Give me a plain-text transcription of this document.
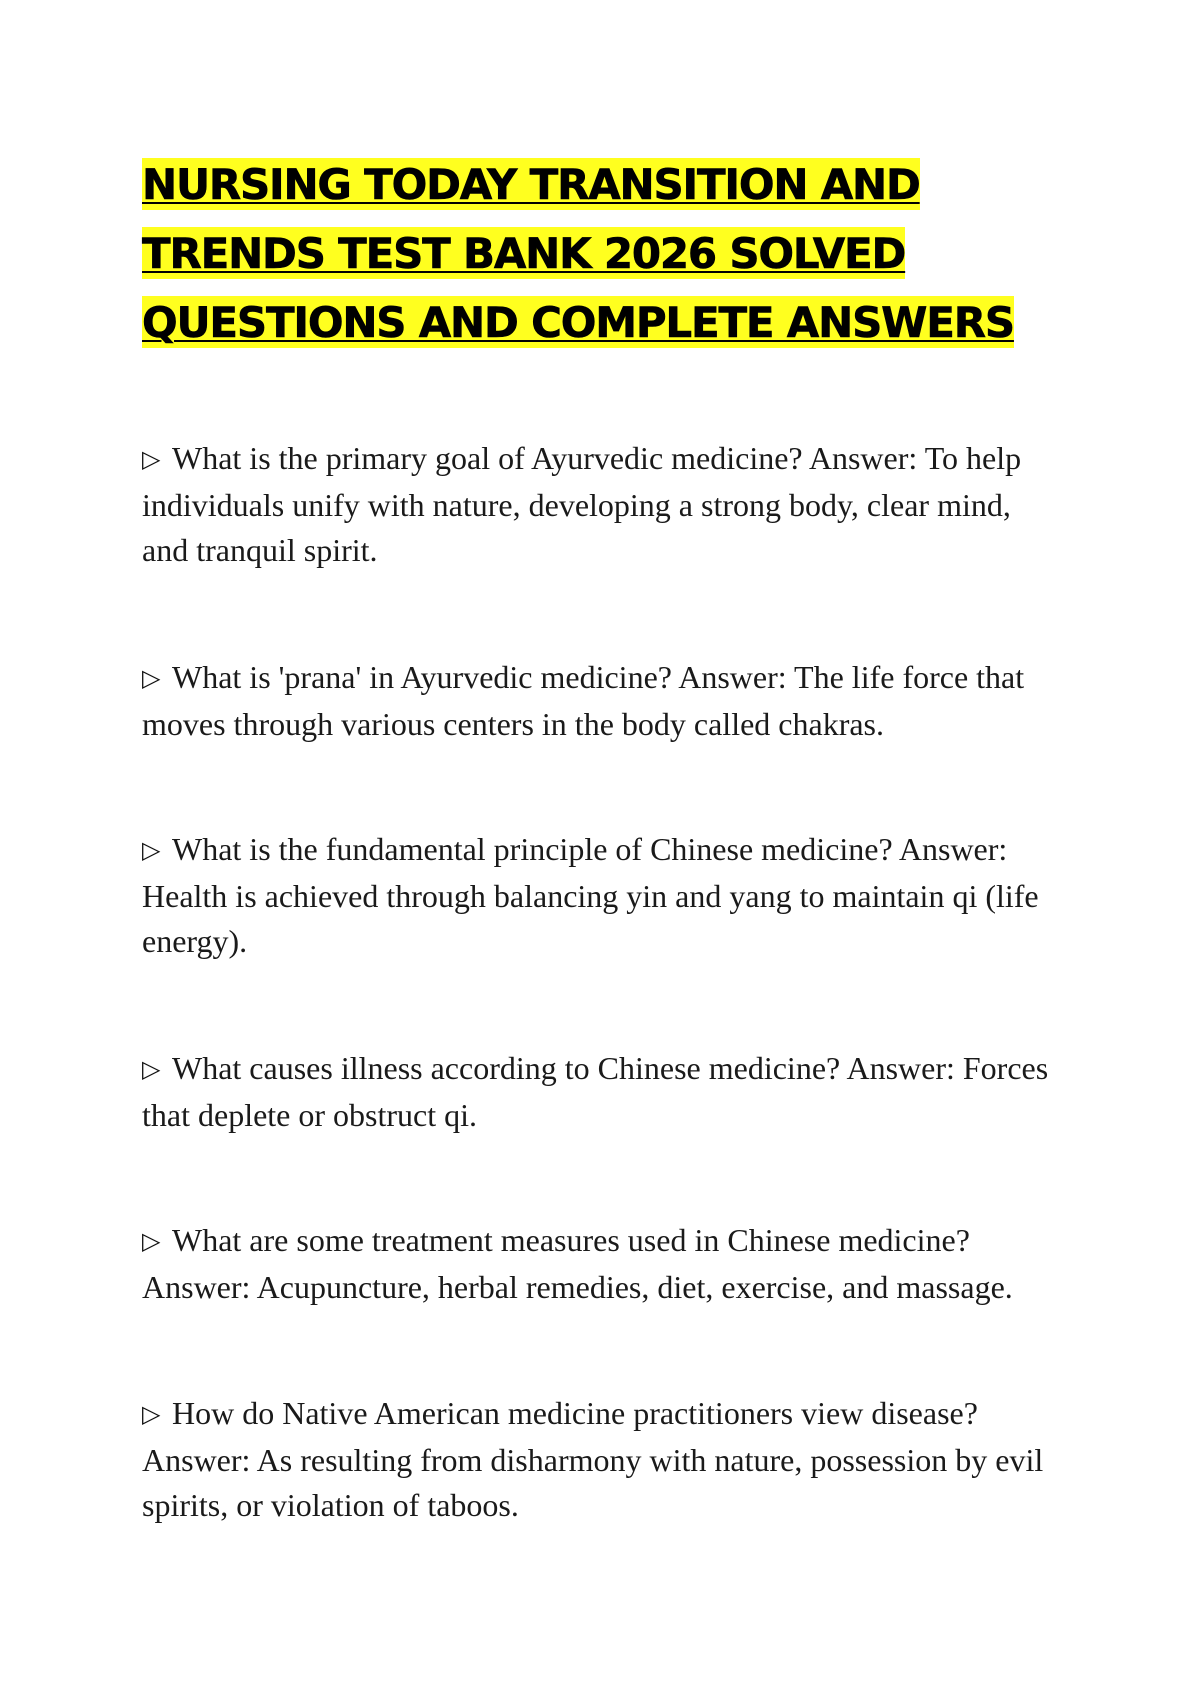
NURSING TODAY TRANSITION AND
TRENDS TEST BANK 2026 SOLVED
QUESTIONS AND COMPLETE ANSWERS
▷ What is the primary goal of Ayurvedic medicine? Answer: To help individuals unify with nature, developing a strong body, clear mind, and tranquil spirit.
▷ What is 'prana' in Ayurvedic medicine? Answer: The life force that moves through various centers in the body called chakras.
▷ What is the fundamental principle of Chinese medicine? Answer: Health is achieved through balancing yin and yang to maintain qi (life energy).
▷ What causes illness according to Chinese medicine? Answer: Forces that deplete or obstruct qi.
▷ What are some treatment measures used in Chinese medicine? Answer: Acupuncture, herbal remedies, diet, exercise, and massage.
▷ How do Native American medicine practitioners view disease? Answer: As resulting from disharmony with nature, possession by evil spirits, or violation of taboos.
